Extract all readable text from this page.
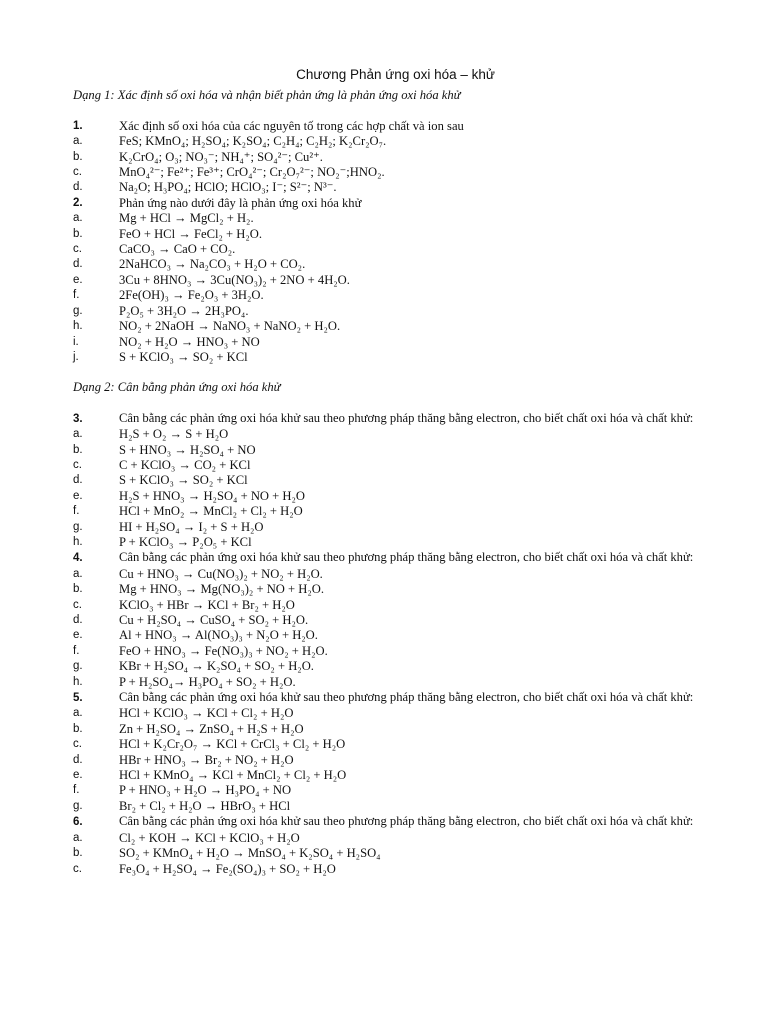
Chương Phản ứng oxi hóa – khử
Dạng 1: Xác định số oxi hóa và nhận biết phản ứng là phản ứng oxi hóa khử
1.	Xác định số oxi hóa của các nguyên tố trong các hợp chất và ion sau
a.	FeS; KMnO₄; H₂SO₄; K₂SO₄; C₂H₄; C₂H₂; K₂Cr₂O₇.
b.	K₂CrO₄; O₃; NO₃⁻; NH₄⁺; SO₄²⁻; Cu²⁺.
c.	MnO₄²⁻; Fe²⁺; Fe³⁺; CrO₄²⁻; Cr₂O₇²⁻; NO₂⁻;HNO₂.
d.	Na₂O; H₃PO₄; HClO; HClO₃; I⁻; S²⁻; N³⁻.
2.	Phản ứng nào dưới đây là phản ứng oxi hóa khử
a.	Mg + HCl → MgCl₂ + H₂.
b.	FeO + HCl → FeCl₂ + H₂O.
c.	CaCO₃ → CaO + CO₂.
d.	2NaHCO₃ → Na₂CO₃ + H₂O + CO₂.
e.	3Cu + 8HNO₃ → 3Cu(NO₃)₂ + 2NO + 4H₂O.
f.	2Fe(OH)₃ → Fe₂O₃ + 3H₂O.
g.	P₂O₅ + 3H₂O → 2H₃PO₄.
h.	NO₂ + 2NaOH → NaNO₃ + NaNO₂ + H₂O.
i.	NO₂ + H₂O → HNO₃ + NO
j.	S + KClO₃ → SO₂ + KCl
Dạng 2: Cân bằng phản ứng oxi hóa khử
3.	Cân bằng các phản ứng oxi hóa khử sau theo phương pháp thăng bằng electron, cho biết chất oxi hóa và chất khử:
a.	H₂S + O₂ → S + H₂O
b.	S + HNO₃ → H₂SO₄ + NO
c.	C + KClO₃ → CO₂ + KCl
d.	S + KClO₃ → SO₂ + KCl
e.	H₂S + HNO₃ → H₂SO₄ + NO + H₂O
f.	HCl + MnO₂ → MnCl₂ + Cl₂ + H₂O
g.	HI + H₂SO₄ → I₂ + S + H₂O
h.	P + KClO₃ → P₂O₅ + KCl
4.	Cân bằng các phản ứng oxi hóa khử sau theo phương pháp thăng bằng electron, cho biết chất oxi hóa và chất khử:
a.	Cu + HNO₃ → Cu(NO₃)₂ + NO₂ + H₂O.
b.	Mg + HNO₃ → Mg(NO₃)₂ + NO + H₂O.
c.	KClO₃ + HBr → KCl + Br₂ + H₂O
d.	Cu + H₂SO₄ → CuSO₄ + SO₂ + H₂O.
e.	Al + HNO₃ → Al(NO₃)₃ + N₂O + H₂O.
f.	FeO + HNO₃ → Fe(NO₃)₃ + NO₂ + H₂O.
g.	KBr + H₂SO₄ → K₂SO₄ + SO₂ + H₂O.
h.	P + H₂SO₄→ H₃PO₄ + SO₂ + H₂O.
5.	Cân bằng các phản ứng oxi hóa khử sau theo phương pháp thăng bằng electron, cho biết chất oxi hóa và chất khử:
a.	HCl + KClO₃ → KCl + Cl₂ + H₂O
b.	Zn + H₂SO₄ → ZnSO₄ + H₂S + H₂O
c.	HCl + K₂Cr₂O₇ → KCl + CrCl₃ + Cl₂ + H₂O
d.	HBr + HNO₃ → Br₂ + NO₂ + H₂O
e.	HCl + KMnO₄ → KCl + MnCl₂ + Cl₂ + H₂O
f.	P + HNO₃ + H₂O → H₃PO₄ + NO
g.	Br₂ + Cl₂ + H₂O → HBrO₃ + HCl
6.	Cân bằng các phản ứng oxi hóa khử sau theo phương pháp thăng bằng electron, cho biết chất oxi hóa và chất khử:
a.	Cl₂ + KOH → KCl + KClO₃ + H₂O
b.	SO₂ + KMnO₄ + H₂O → MnSO₄ + K₂SO₄ + H₂SO₄
c.	Fe₃O₄ + H₂SO₄ → Fe₂(SO₄)₃ + SO₂ + H₂O
